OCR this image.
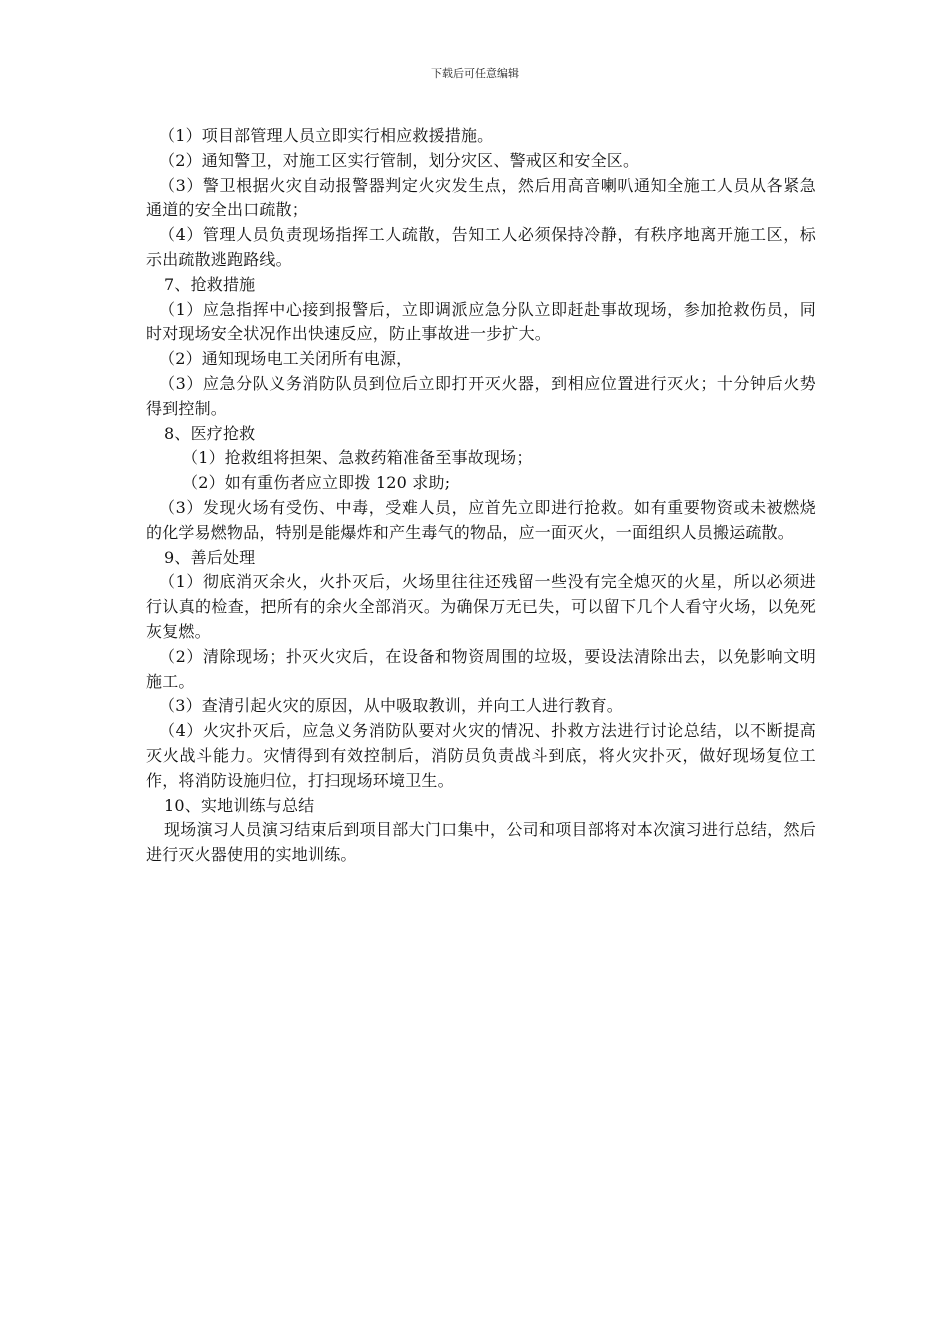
下载后可任意编辑

（1）项目部管理人员立即实行相应救援措施。

（2）通知警卫，对施工区实行管制，划分灾区、警戒区和安全区。

（3）警卫根据火灾自动报警器判定火灾发生点，然后用高音喇叭通知全施工人员从各紧急通道的安全出口疏散；

（4）管理人员负责现场指挥工人疏散，告知工人必须保持冷静，有秩序地离开施工区，标示出疏散逃跑路线。

7、抢救措施

（1）应急指挥中心接到报警后，立即调派应急分队立即赶赴事故现场，参加抢救伤员，同时对现场安全状况作出快速反应，防止事故进一步扩大。

（2）通知现场电工关闭所有电源，

（3）应急分队义务消防队员到位后立即打开灭火器，到相应位置进行灭火；十分钟后火势得到控制。

8、医疗抢救

（1）抢救组将担架、急救药箱准备至事故现场；

（2）如有重伤者应立即拨 120 求助;

（3）发现火场有受伤、中毒，受难人员，应首先立即进行抢救。如有重要物资或未被燃烧的化学易燃物品，特别是能爆炸和产生毒气的物品，应一面灭火，一面组织人员搬运疏散。

9、善后处理

（1）彻底消灭余火，火扑灭后，火场里往往还残留一些没有完全熄灭的火星，所以必须进行认真的检查，把所有的余火全部消灭。为确保万无已失，可以留下几个人看守火场，以免死灰复燃。

（2）清除现场；扑灭火灾后，在设备和物资周围的垃圾，要设法清除出去，以免影响文明施工。

（3）查清引起火灾的原因，从中吸取教训，并向工人进行教育。

（4）火灾扑灭后，应急义务消防队要对火灾的情况、扑救方法进行讨论总结，以不断提高灭火战斗能力。灾情得到有效控制后，消防员负责战斗到底，将火灾扑灭，做好现场复位工作，将消防设施归位，打扫现场环境卫生。

10、实地训练与总结

现场演习人员演习结束后到项目部大门口集中，公司和项目部将对本次演习进行总结，然后进行灭火器使用的实地训练。
